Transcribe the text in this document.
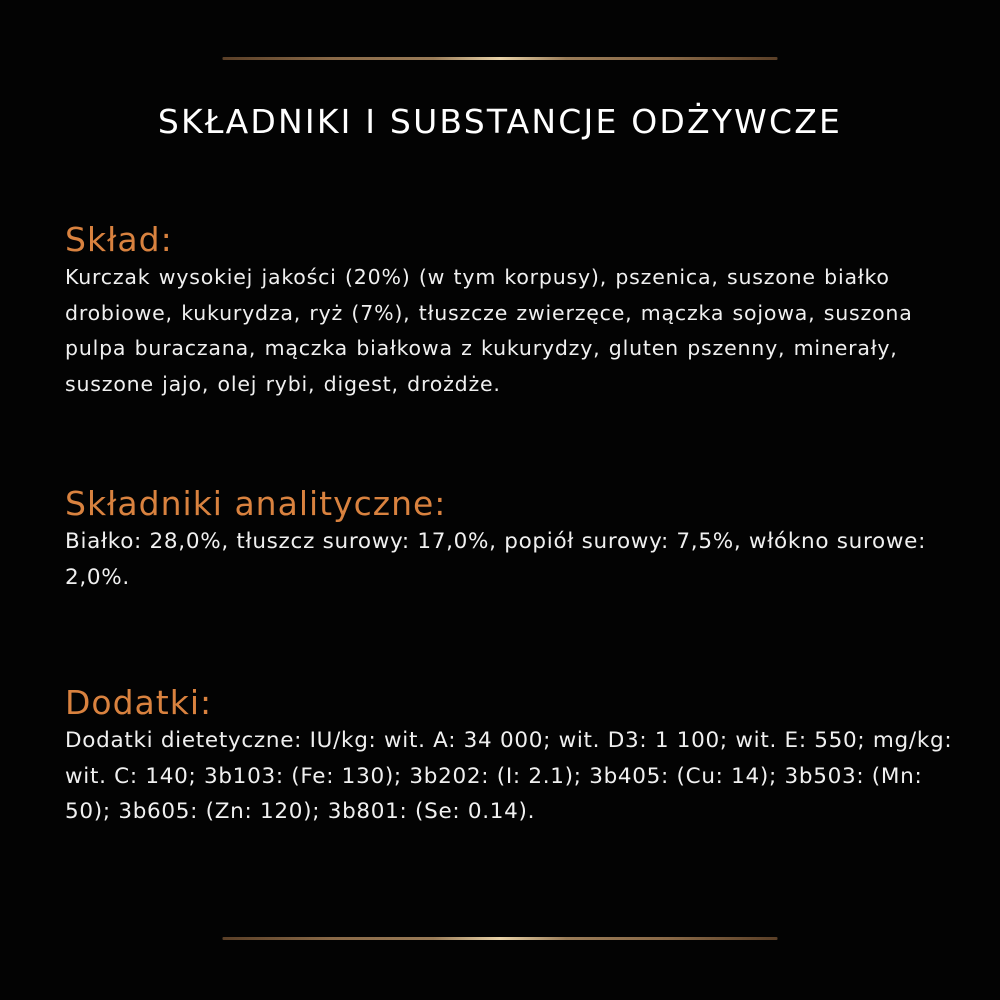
SKŁADNIKI I SUBSTANCJE ODŻYWCZE
Skład:

Kurczak wysokiej jakości (20%) (w tym korpusy), pszenica, suszone białko drobiowe, kukurydza, ryż (7%), tłuszcze zwierzęce, mączka sojowa, suszona pulpa buraczana, mączka białkowa z kukurydzy, gluten pszenny, minerały, suszone jajo, olej rybi, digest, drożdże.

Składniki analityczne:

Białko: 28,0%, tłuszcz surowy: 17,0%, popiół surowy: 7,5%, włókno surowe: 2,0%.

Dodatki:

Dodatki dietetyczne: IU/kg: wit. A: 34 000; wit. D3: 1 100; wit. E: 550; mg/kg: wit. C: 140; 3b103: (Fe: 130); 3b202: (I: 2.1); 3b405: (Cu: 14); 3b503: (Mn: 50); 3b605: (Zn: 120); 3b801: (Se: 0.14).
